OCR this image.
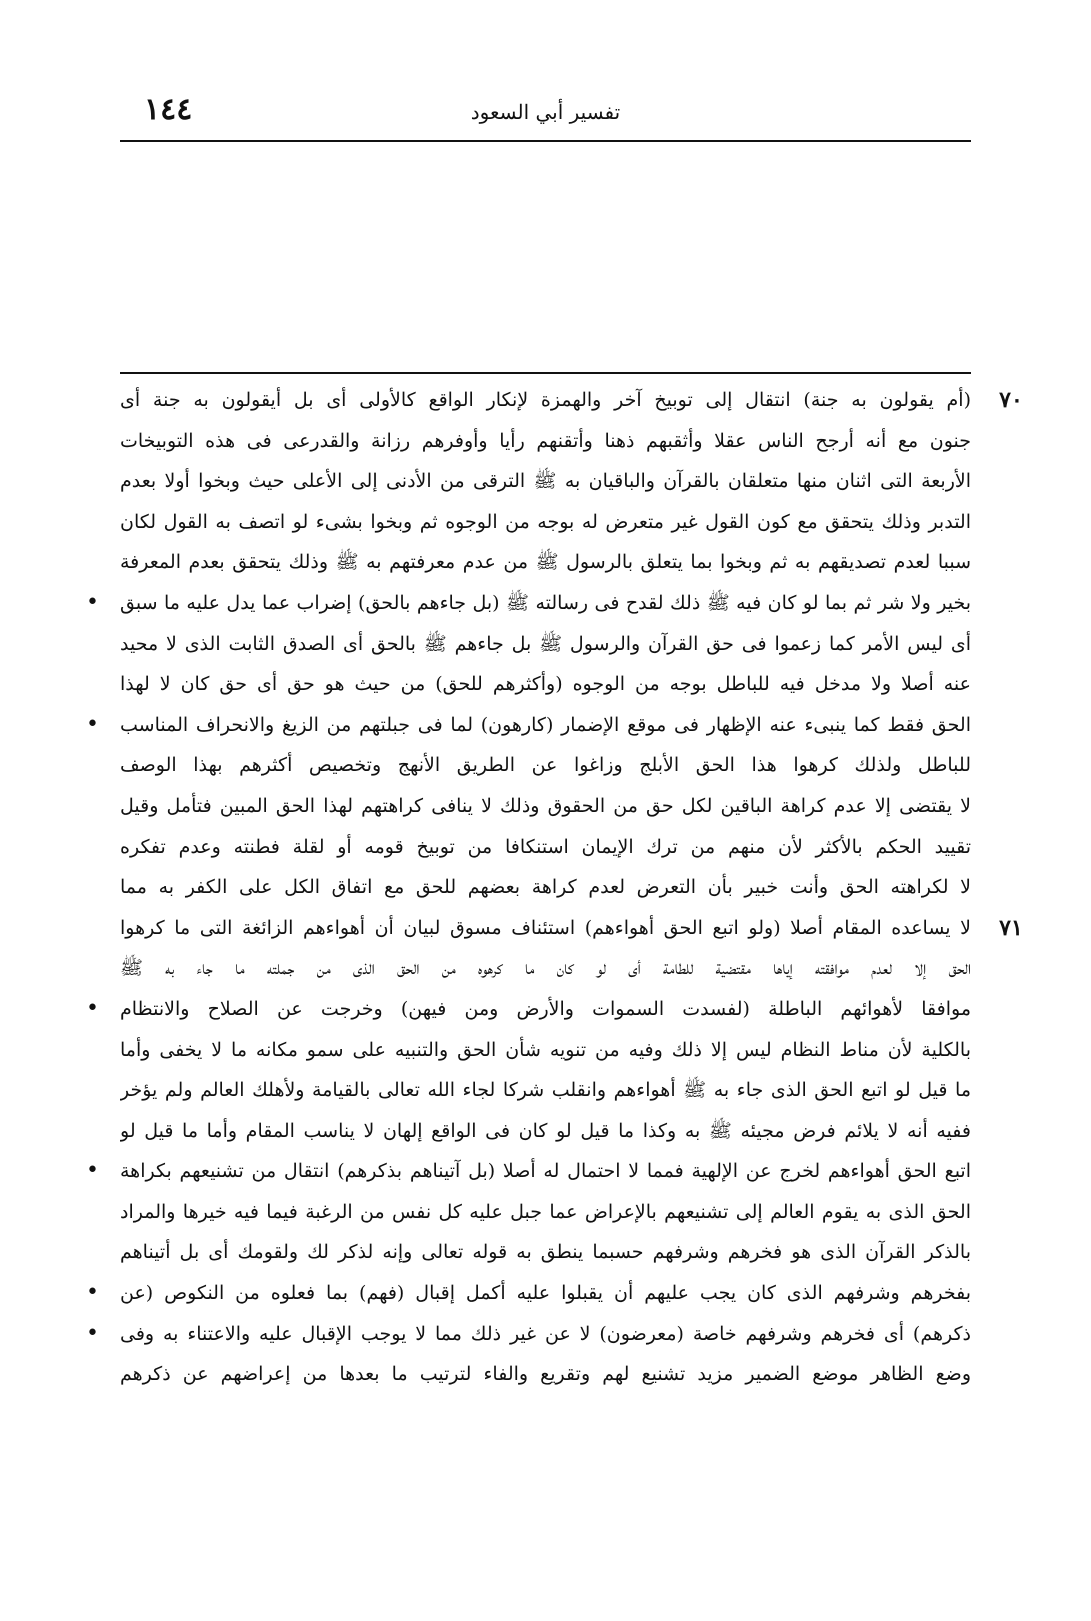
١٤٤	تفسير أبي السعود
٧٠
(أم يقولون به جنة) انتقال إلى توبيخ آخر والهمزة لإنكار الواقع كالأولى أى بل أيقولون به جنة أى
جنون مع أنه أرجح الناس عقلا وأثقبهم ذهنا وأتقنهم رأيا وأوفرهم رزانة والقدرعى فى هذه التوبيخات
الأربعة التى اثنان منها متعلقان بالقرآن والباقيان به ﷺ الترقى من الأدنى إلى الأعلى حيث وبخوا أولا بعدم
التدبر وذلك يتحقق مع كون القول غير متعرض له بوجه من الوجوه ثم وبخوا بشىء لو اتصف به القول لكان
سببا لعدم تصديقهم به ثم وبخوا بما يتعلق بالرسول ﷺ من عدم معرفتهم به ﷺ وذلك يتحقق بعدم المعرفة
بخير ولا شر ثم بما لو كان فيه ﷺ ذلك لقدح فى رسالته ﷺ (بل جاءهم بالحق) إضراب عما يدل عليه ما سبق
•
أى ليس الأمر كما زعموا فى حق القرآن والرسول ﷺ بل جاءهم ﷺ بالحق أى الصدق الثابت الذى لا محيد
عنه أصلا ولا مدخل فيه للباطل بوجه من الوجوه (وأكثرهم للحق) من حيث هو حق أى حق كان لا لهذا
الحق فقط كما ينبىء عنه الإظهار فى موقع الإضمار (كارهون) لما فى جبلتهم من الزيغ والانحراف المناسب
•
للباطل ولذلك كرهوا هذا الحق الأبلج وزاغوا عن الطريق الأنهج وتخصيص أكثرهم بهذا الوصف
لا يقتضى إلا عدم كراهة الباقين لكل حق من الحقوق وذلك لا ينافى كراهتهم لهذا الحق المبين فتأمل وقيل
تقييد الحكم بالأكثر لأن منهم من ترك الإيمان استنكافا من توبيخ قومه أو لقلة فطنته وعدم تفكره
لا لكراهته الحق وأنت خبير بأن التعرض لعدم كراهة بعضهم للحق مع اتفاق الكل على الكفر به مما
٧١
لا يساعده المقام أصلا (ولو اتبع الحق أهواءهم) استئناف مسوق لبيان أن أهواءهم الزائغة التى ما كرهوا
الحق إلا لعدم موافقته إياها مقتضية للطامة أى لو كان ما كرهوه من الحق الذى من جملته ما جاء به ﷺ
موافقا لأهوائهم الباطلة (لفسدت السموات والأرض ومن فيهن) وخرجت عن الصلاح والانتظام
•
بالكلية لأن مناط النظام ليس إلا ذلك وفيه من تنويه شأن الحق والتنبيه على سمو مكانه ما لا يخفى وأما
ما قيل لو اتبع الحق الذى جاء به ﷺ أهواءهم وانقلب شركا لجاء الله تعالى بالقيامة ولأهلك العالم ولم يؤخر
ففيه أنه لا يلائم فرض مجيئه ﷺ به وكذا ما قيل لو كان فى الواقع إلهان لا يناسب المقام وأما ما قيل لو
اتبع الحق أهواءهم لخرج عن الإلهية فمما لا احتمال له أصلا (بل آتيناهم بذكرهم) انتقال من تشنيعهم بكراهة
•
الحق الذى به يقوم العالم إلى تشنيعهم بالإعراض عما جبل عليه كل نفس من الرغبة فيما فيه خيرها والمراد
بالذكر القرآن الذى هو فخرهم وشرفهم حسبما ينطق به قوله تعالى وإنه لذكر لك ولقومك أى بل أتيناهم
بفخرهم وشرفهم الذى كان يجب عليهم أن يقبلوا عليه أكمل إقبال (فهم) بما فعلوه من النكوص (عن
•
ذكرهم) أى فخرهم وشرفهم خاصة (معرضون) لا عن غير ذلك مما لا يوجب الإقبال عليه والاعتناء به وفى
•
وضع الظاهر موضع الضمير مزيد تشنيع لهم وتقريع والفاء لترتيب ما بعدها من إعراضهم عن ذكرهم
